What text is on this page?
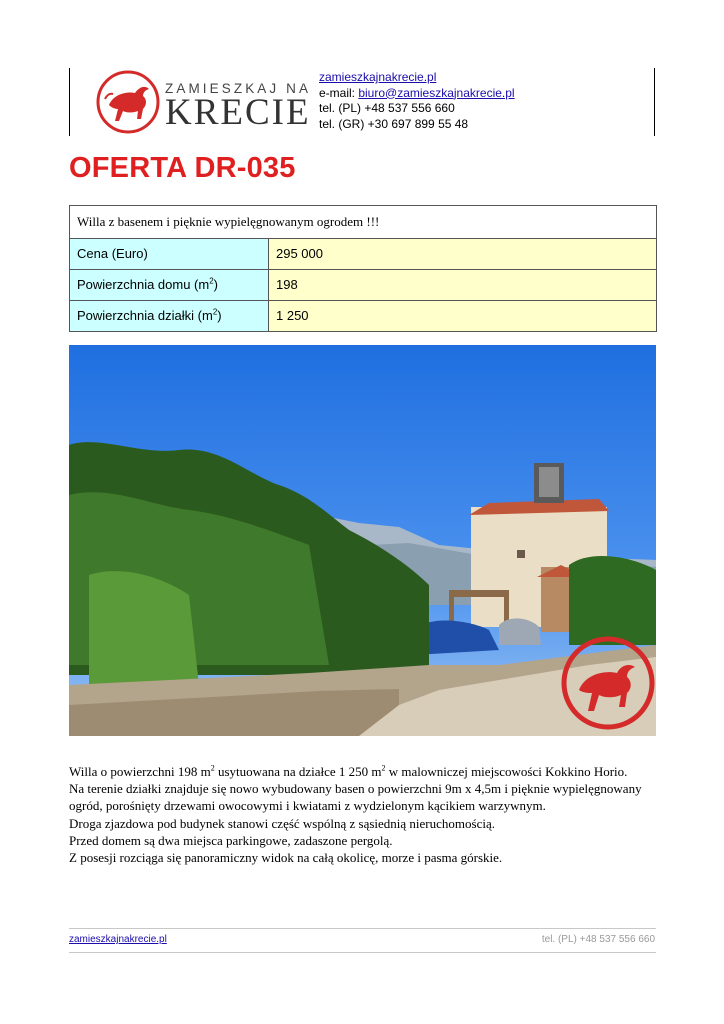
ZAMIESZKAJ NA
KRECIE
zamieszkajnakrecie.pl
e-mail: biuro@zamieszkajnakrecie.pl
tel. (PL) +48 537 556 660
tel. (GR) +30 697 899 55 48
OFERTA DR-035
Willa z basenem i pięknie wypielęgnowanym ogrodem !!!	
Cena (Euro)	295 000
Powierzchnia domu $(m^2)$	198
Powierzchnia działki $(m^2)$	1 250
Willa o powierzchni 198 $m^2$ usytuowana na działce 1 250 $m^2$ w malowniczej miejscowości Kokkino Horio.
Na terenie działki znajduje się nowo wybudowany basen o powierzchni 9m x 4,5m i pięknie wypielęgnowany ogród, porośnięty drzewami owocowymi i kwiatami z wydzielonym kącikiem warzywnym.
Droga zjazdowa pod budynek stanowi część wspólną z sąsiednią nieruchomością.
Przed domem są dwa miejsca parkingowe, zadaszone pergolą.
Z posesji rozciąga się panoramiczny widok na całą okolicę, morze i pasma górskie.
zamieszkajnakrecie.pl	tel. (PL) +48 537 556 660
